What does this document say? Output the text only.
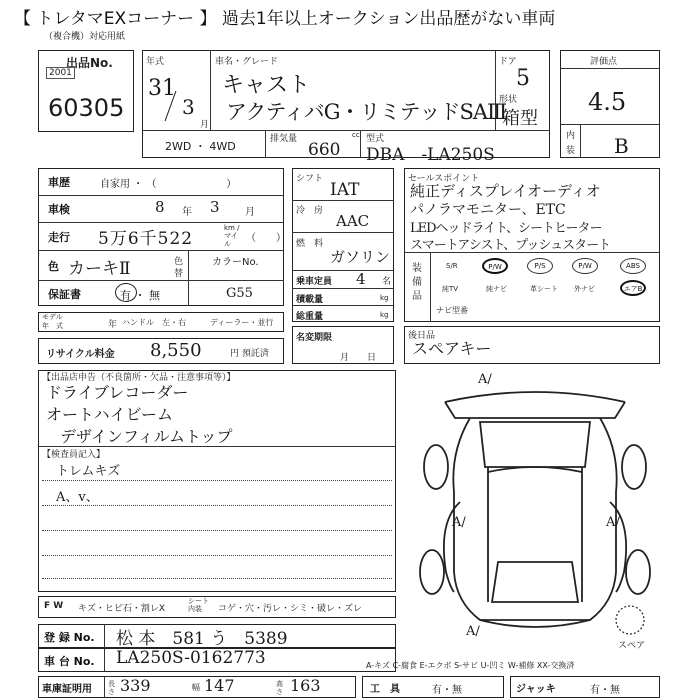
【 トレタマEXコーナー 】 過去1年以上オークション出品歴がない車両
（複合機）対応用紙
出品No.
2001
60305
年式
31
3
月
車名・グレード
キャスト
アクティバG・リミテッドSAⅢ
ドア
5
形状
箱型
2WD ・ 4WD
排気量	cc
660
型式
DBA　-LA250S
評価点
4.5
内
装 B
車歴	自家用 ・ （　　　　　　　）
車検	8 年 3	月
走行 5万6千522
km / マイル	（　　）
色 カーキⅡ	色
替
カラーNo.
G55
保証書	有 ・ 無
モデル
年　式	年 ハンドル　左・右	ディーラー・並行
リサイクル料金 8,550	円 預託済
シフト
IAT
冷　房
AAC
燃　料
ガソリン
乗車定員 4 名
積載量	kg
総重量	kg
名変期限
月　　日
セールスポイント
純正ディスプレイオーディオ
パノラマモニター、ETC
LEDヘッドライト、シートヒーター
スマートアシスト、プッシュスタート
装備品
S/R	P/W	P/S	P/W	ABS
純TV	純ナビ	革シート 外ナビ	エアB
ナビ型番
後日品
スペアキー
【出品店申告（不良箇所・欠品・注意事項等）】
ドライブレコーダー
オートハイビーム
デザインフィルムトップ
【検査員記入】
トレムキズ
A、v、
A/
A/	A/
A/
スペア
F W キズ・ヒビ石・割レX
シート
内装	コゲ・穴・汚レ・シミ・破レ・ズレ
登 録 No. 松 本　581 う　5389
車 台 No. LA250S-0162773	A-キズ C-腐食 E-エクボ S-サビ U-凹ミ W-補修 XX-交換済
車庫証明用 長さ 339	幅 147	高さ 163	工　具	有・無	ジャッキ	有・無
